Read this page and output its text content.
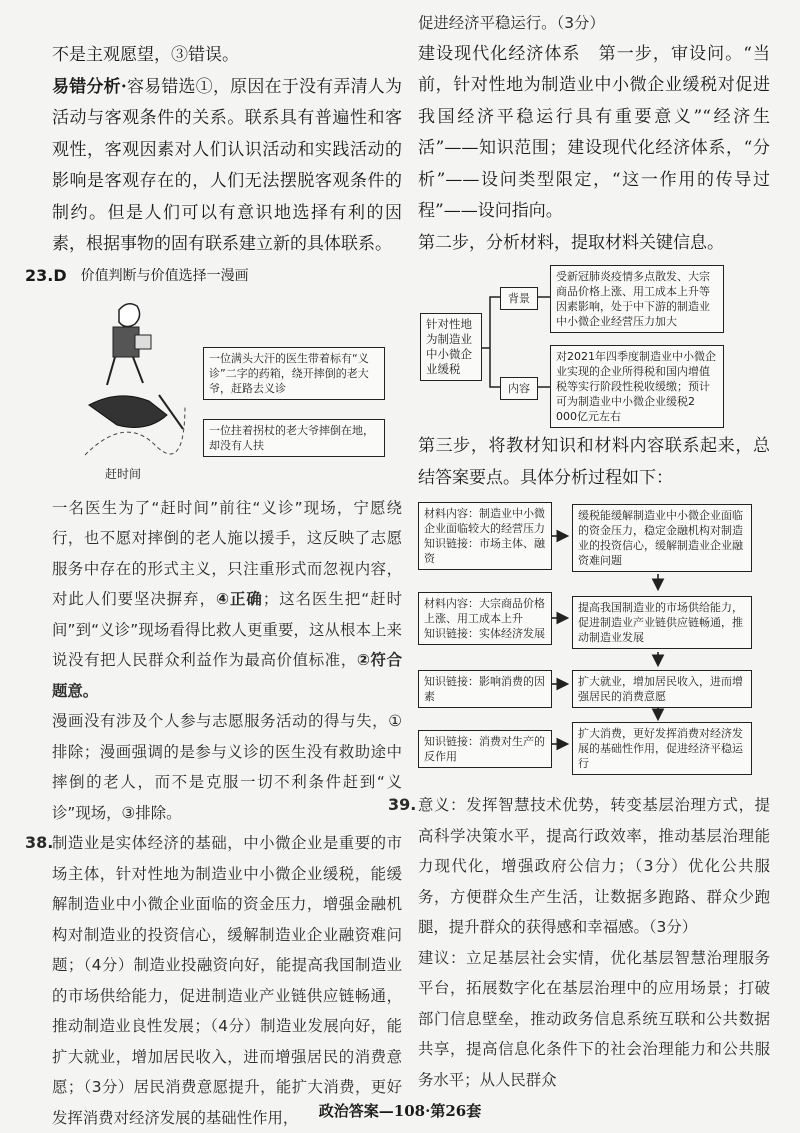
不是主观愿望，③错误。

易错分析·容易错选①，原因在于没有弄清人为活动与客观条件的关系。联系具有普遍性和客观性，客观因素对人们认识活动和实践活动的影响是客观存在的，人们无法摆脱客观条件的制约。但是人们可以有意识地选择有利的因素，根据事物的固有联系建立新的具体联系。

23.D 价值判断与价值选择一漫画
一位满头大汗的医生带着标有“义诊”二字的药箱，绕开摔倒的老大爷，赶路去义诊
一位拄着拐杖的老大爷摔倒在地，却没有人扶
赶时间

一名医生为了“赶时间”前往“义诊”现场，宁愿绕行，也不愿对摔倒的老人施以援手，这反映了志愿服务中存在的形式主义，只注重形式而忽视内容，对此人们要坚决摒弃，④正确；这名医生把“赶时间”到“义诊”现场看得比救人更重要，这从根本上来说没有把人民群众利益作为最高价值标准，②符合题意。

漫画没有涉及个人参与志愿服务活动的得与失，①排除；漫画强调的是参与义诊的医生没有救助途中摔倒的老人，而不是克服一切不利条件赶到“义诊”现场，③排除。

38.
制造业是实体经济的基础，中小微企业是重要的市场主体，针对性地为制造业中小微企业缓税，能缓解制造业中小微企业面临的资金压力，增强金融机构对制造业的投资信心，缓解制造业企业融资难问题；（4分）制造业投融资向好，能提高我国制造业的市场供给能力，促进制造业产业链供应链畅通，推动制造业良性发展；（4分）制造业发展向好，能扩大就业，增加居民收入，进而增强居民的消费意愿；（3分）居民消费意愿提升，能扩大消费，更好发挥消费对经济发展的基础性作用，

促进经济平稳运行。（3分）

建设现代化经济体系　第一步，审设问。“当前，针对性地为制造业中小微企业缓税对促进我国经济平稳运行具有重要意义”“经济生活”——知识范围；建设现代化经济体系，“分析”——设问类型限定，“这一作用的传导过程”——设问指向。

第二步，分析材料，提取材料关键信息。

针对性地为制造业中小微企业缓税
背景
受新冠肺炎疫情多点散发、大宗商品价格上涨、用工成本上升等因素影响，处于中下游的制造业中小微企业经营压力加大
内容
对2021年四季度制造业中小微企业实现的企业所得税和国内增值税等实行阶段性税收缓缴；预计可为制造业中小微企业缓税2 000亿元左右

第三步，将教材知识和材料内容联系起来，总结答案要点。具体分析过程如下：

材料内容：制造业中小微企业面临较大的经营压力
知识链接：市场主体、融资
缓税能缓解制造业中小微企业面临的资金压力，稳定金融机构对制造业的投资信心，缓解制造业企业融资难问题
材料内容：大宗商品价格上涨、用工成本上升
知识链接：实体经济发展
提高我国制造业的市场供给能力，促进制造业产业链供应链畅通，推动制造业发展
知识链接：影响消费的因素
扩大就业，增加居民收入，进而增强居民的消费意愿
知识链接：消费对生产的反作用
扩大消费，更好发挥消费对经济发展的基础性作用，促进经济平稳运行

39. 意义：发挥智慧技术优势，转变基层治理方式，提高科学决策水平，提高行政效率，推动基层治理能力现代化，增强政府公信力；（3分）优化公共服务，方便群众生产生活，让数据多跑路、群众少跑腿，提升群众的获得感和幸福感。（3分）

建议：立足基层社会实情，优化基层智慧治理服务平台，拓展数字化在基层治理中的应用场景；打破部门信息壁垒，推动政务信息系统互联和公共数据共享，提高信息化条件下的社会治理能力和公共服务水平；从人民群众

政治答案—108·第26套
